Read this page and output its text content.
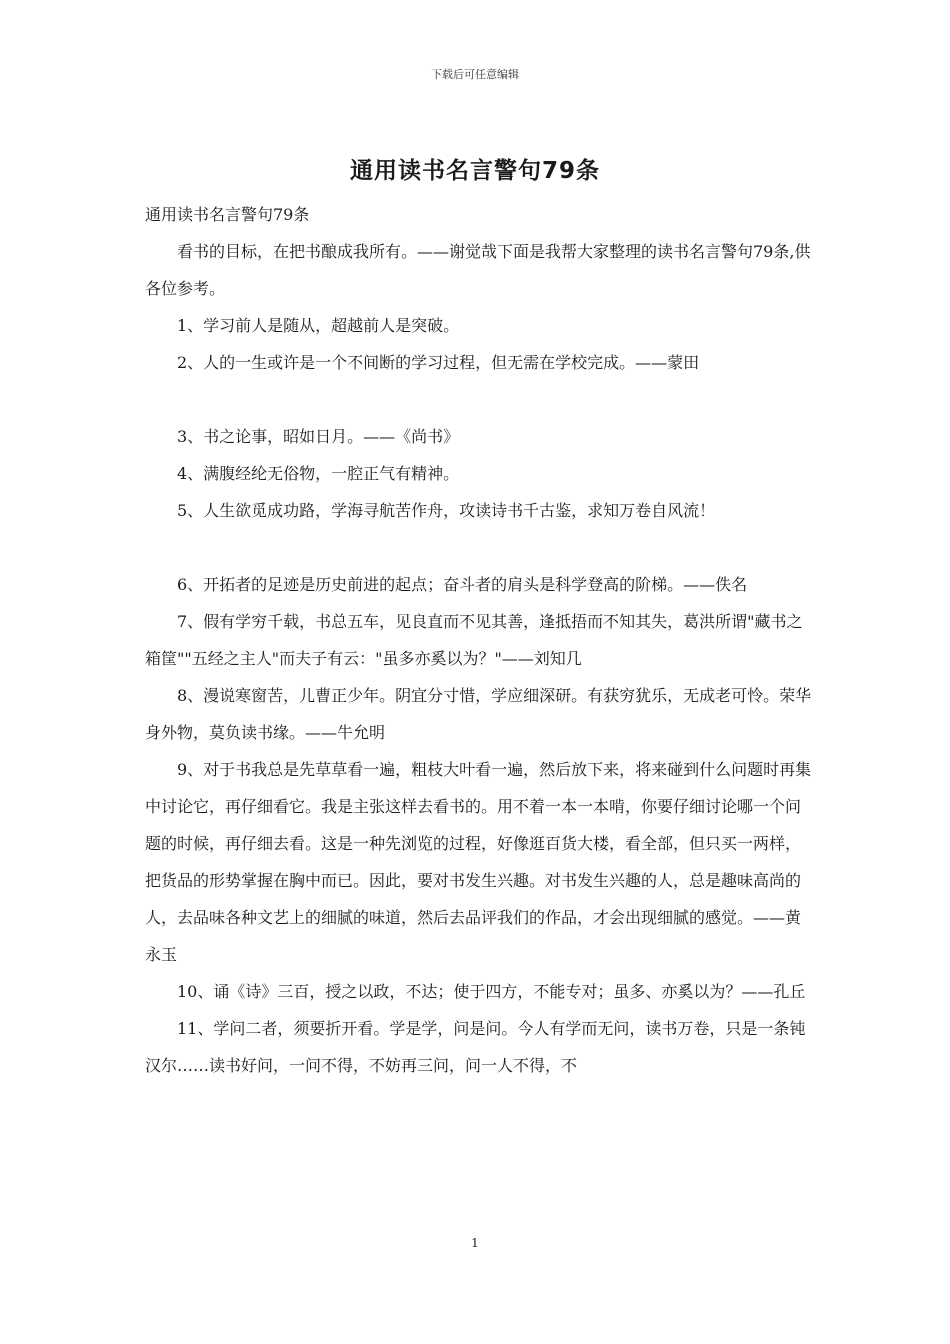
下载后可任意编辑
通用读书名言警句79条

通用读书名言警句79条

看书的目标，在把书酿成我所有。——谢觉哉下面是我帮大家整理的读书名言警句79条,供各位参考。

1、学习前人是随从，超越前人是突破。

2、人的一生或许是一个不间断的学习过程，但无需在学校完成。——蒙田

3、书之论事，昭如日月。——《尚书》

4、满腹经纶无俗物，一腔正气有精神。

5、人生欲觅成功路，学海寻航苦作舟，攻读诗书千古鉴，求知万卷自风流！

6、开拓者的足迹是历史前进的起点；奋斗者的肩头是科学登高的阶梯。——佚名

7、假有学穷千载，书总五车，见良直而不见其善，逢抵捂而不知其失，葛洪所谓"藏书之箱筐""五经之主人"而夫子有云："虽多亦奚以为？"——刘知几

8、漫说寒窗苦，儿曹正少年。阴宜分寸惜，学应细深研。有获穷犹乐，无成老可怜。荣华身外物，莫负读书缘。——牛允明

9、对于书我总是先草草看一遍，粗枝大叶看一遍，然后放下来，将来碰到什么问题时再集中讨论它，再仔细看它。我是主张这样去看书的。用不着一本一本啃，你要仔细讨论哪一个问题的时候，再仔细去看。这是一种先浏览的过程，好像逛百货大楼，看全部，但只买一两样，把货品的形势掌握在胸中而已。因此，要对书发生兴趣。对书发生兴趣的人，总是趣味高尚的人，去品味各种文艺上的细腻的味道，然后去品评我们的作品，才会出现细腻的感觉。——黄永玉

10、诵《诗》三百，授之以政，不达；使于四方，不能专对；虽多、亦奚以为？——孔丘

11、学问二者，须要折开看。学是学，问是问。今人有学而无问，读书万卷，只是一条钝汉尔……读书好问，一问不得，不妨再三问，问一人不得，不

1
